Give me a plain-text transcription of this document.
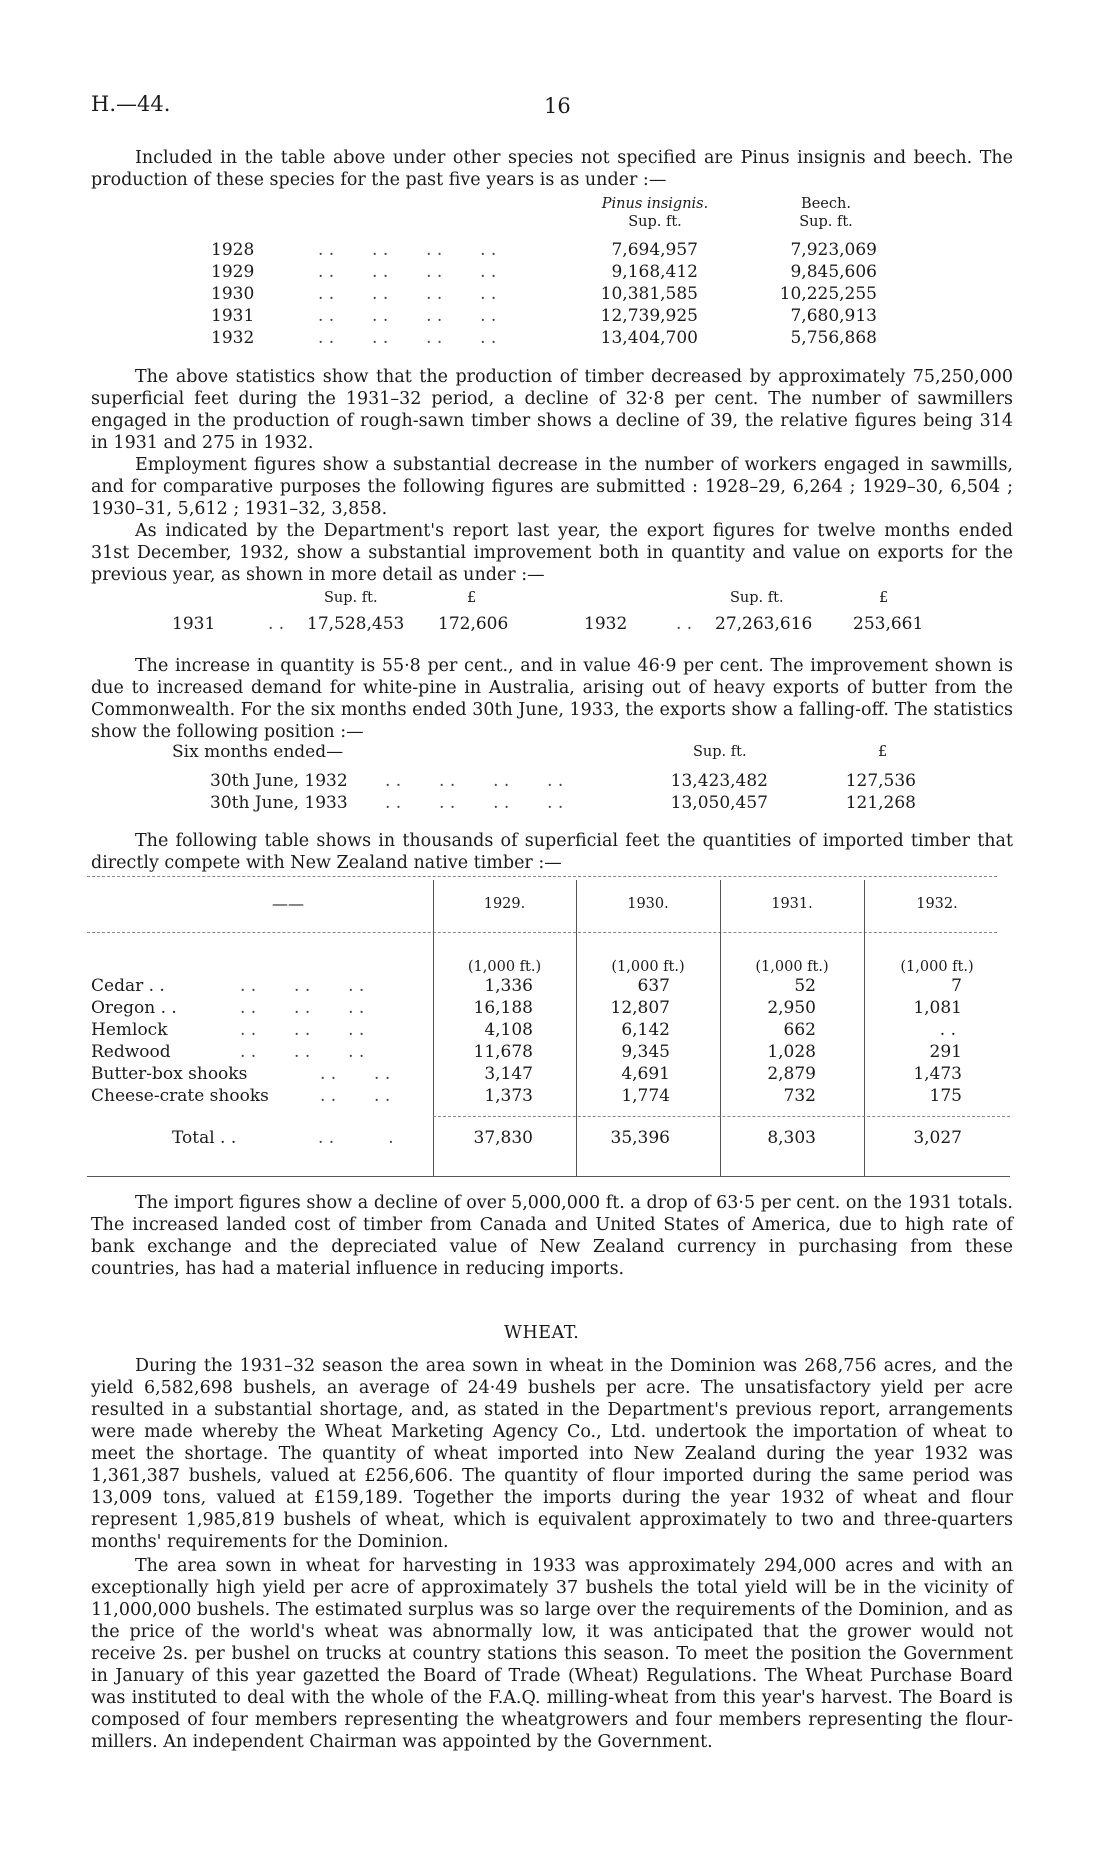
H.—44.	16

Included in the table above under other species not specified are Pinus insignis and beech. The production of these species for the past five years is as under :—

Pinus insignis.
Sup. ft.
Beech.
Sup. ft.
1928	. .       . .       . .       . .	7,694,957	7,923,069
1929	. .       . .       . .       . .	9,168,412	9,845,606
1930	. .       . .       . .       . .	10,381,585	10,225,255
1931	. .       . .       . .       . .	12,739,925	7,680,913
1932	. .       . .       . .       . .	13,404,700	5,756,868

The above statistics show that the production of timber decreased by approximately 75,250,000 superficial feet during the 1931–32 period, a decline of 32·8 per cent. The number of sawmillers engaged in the production of rough-sawn timber shows a decline of 39, the relative figures being 314 in 1931 and 275 in 1932.

Employment figures show a substantial decrease in the number of workers engaged in sawmills, and for comparative purposes the following figures are submitted : 1928–29, 6,264 ; 1929–30, 6,504 ; 1930–31, 5,612 ; 1931–32, 3,858.

As indicated by the Department's report last year, the export figures for twelve months ended 31st December, 1932, show a substantial improvement both in quantity and value on exports for the previous year, as shown in more detail as under :—

Sup. ft.	£	Sup. ft.	£
1931	. . 17,528,453 172,606	1932	. . 27,263,616 253,661

The increase in quantity is 55·8 per cent., and in value 46·9 per cent. The improvement shown is due to increased demand for white-pine in Australia, arising out of heavy exports of butter from the Commonwealth. For the six months ended 30th June, 1933, the exports show a falling-off. The statistics show the following position :—

Six months ended—	Sup. ft.	£
30th June, 1932 . .       . .       . .       . .	13,423,482	127,536
30th June, 1933 . .       . .       . .       . .	13,050,457	121,268

The following table shows in thousands of superficial feet the quantities of imported timber that directly compete with New Zealand native timber :—

——	1929.	1930.	1931.	1932.
(1,000 ft.)	(1,000 ft.)	(1,000 ft.)	(1,000 ft.)
Cedar . .	. .       . .       . .	1,336	637	52	7
Oregon . .	. .       . .       . .	16,188	12,807	2,950	1,081
Hemlock	. .       . .       . .	4,108	6,142	662	. .
Redwood	. .       . .       . .	11,678	9,345	1,028	291
Butter-box shooks	. .       . .	3,147	4,691	2,879	1,473
Cheese-crate shooks	. .       . .	1,373	1,774	732	175
Total . .	. .          .	37,830	35,396	8,303	3,027

The import figures show a decline of over 5,000,000 ft. a drop of 63·5 per cent. on the 1931 totals. The increased landed cost of timber from Canada and United States of America, due to high rate of bank exchange and the depreciated value of New Zealand currency in purchasing from these countries, has had a material influence in reducing imports.

WHEAT.

During the 1931–32 season the area sown in wheat in the Dominion was 268,756 acres, and the yield 6,582,698 bushels, an average of 24·49 bushels per acre. The unsatisfactory yield per acre resulted in a substantial shortage, and, as stated in the Department's previous report, arrangements were made whereby the Wheat Marketing Agency Co., Ltd. undertook the importation of wheat to meet the shortage. The quantity of wheat imported into New Zealand during the year 1932 was 1,361,387 bushels, valued at £256,606. The quantity of flour imported during the same period was 13,009 tons, valued at £159,189. Together the imports during the year 1932 of wheat and flour represent 1,985,819 bushels of wheat, which is equivalent approximately to two and three-quarters months' requirements for the Dominion.

The area sown in wheat for harvesting in 1933 was approximately 294,000 acres and with an exceptionally high yield per acre of approximately 37 bushels the total yield will be in the vicinity of 11,000,000 bushels. The estimated surplus was so large over the requirements of the Dominion, and as the price of the world's wheat was abnormally low, it was anticipated that the grower would not receive 2s. per bushel on trucks at country stations this season. To meet the position the Government in January of this year gazetted the Board of Trade (Wheat) Regulations. The Wheat Purchase Board was instituted to deal with the whole of the F.A.Q. milling-wheat from this year's harvest. The Board is composed of four members representing the wheatgrowers and four members representing the flour-millers. An independent Chairman was appointed by the Government.
